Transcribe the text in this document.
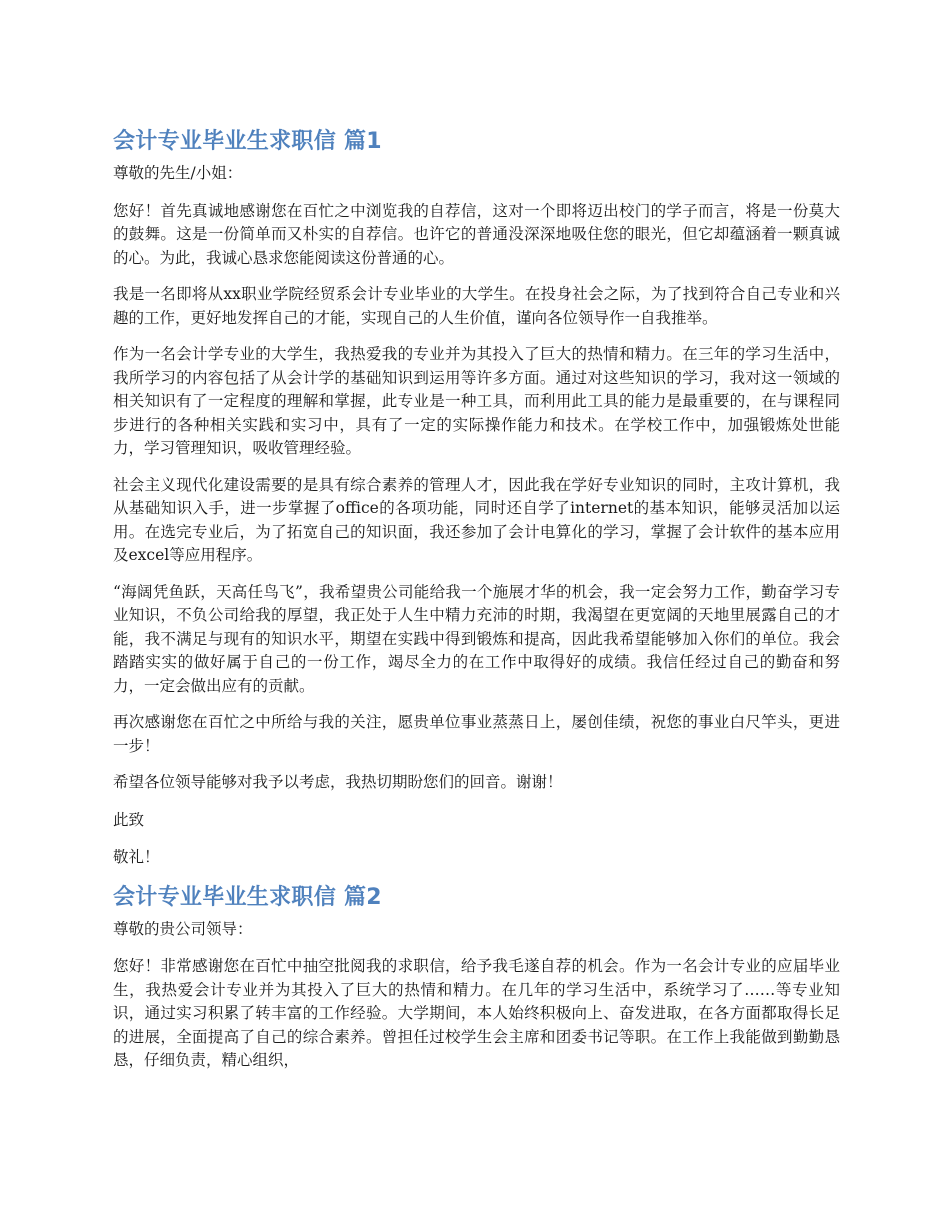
会计专业毕业生求职信 篇1

尊敬的先生/小姐：

您好！首先真诚地感谢您在百忙之中浏览我的自荐信，这对一个即将迈出校门的学子而言，将是一份莫大的鼓舞。这是一份简单而又朴实的自荐信。也许它的普通没深深地吸住您的眼光，但它却蕴涵着一颗真诚的心。为此，我诚心恳求您能阅读这份普通的心。

我是一名即将从xx职业学院经贸系会计专业毕业的大学生。在投身社会之际，为了找到符合自己专业和兴趣的工作，更好地发挥自己的才能，实现自己的人生价值，谨向各位领导作一自我推举。

作为一名会计学专业的大学生，我热爱我的专业并为其投入了巨大的热情和精力。在三年的学习生活中，我所学习的内容包括了从会计学的基础知识到运用等许多方面。通过对这些知识的学习，我对这一领域的相关知识有了一定程度的理解和掌握，此专业是一种工具，而利用此工具的能力是最重要的，在与课程同步进行的各种相关实践和实习中，具有了一定的实际操作能力和技术。在学校工作中，加强锻炼处世能力，学习管理知识，吸收管理经验。

社会主义现代化建设需要的是具有综合素养的管理人才，因此我在学好专业知识的同时，主攻计算机，我从基础知识入手，进一步掌握了office的各项功能，同时还自学了internet的基本知识，能够灵活加以运用。在选完专业后，为了拓宽自己的知识面，我还参加了会计电算化的学习，掌握了会计软件的基本应用及excel等应用程序。

“海阔凭鱼跃，天高任鸟飞”，我希望贵公司能给我一个施展才华的机会，我一定会努力工作，勤奋学习专业知识，不负公司给我的厚望，我正处于人生中精力充沛的时期，我渴望在更宽阔的天地里展露自己的才能，我不满足与现有的知识水平，期望在实践中得到锻炼和提高，因此我希望能够加入你们的单位。我会踏踏实实的做好属于自己的一份工作，竭尽全力的在工作中取得好的成绩。我信任经过自己的勤奋和努力，一定会做出应有的贡献。

再次感谢您在百忙之中所给与我的关注，愿贵单位事业蒸蒸日上，屡创佳绩，祝您的事业白尺竿头，更进一步！

希望各位领导能够对我予以考虑，我热切期盼您们的回音。谢谢！

此致

敬礼！

会计专业毕业生求职信 篇2

尊敬的贵公司领导：

您好！非常感谢您在百忙中抽空批阅我的求职信，给予我毛遂自荐的机会。作为一名会计专业的应届毕业生，我热爱会计专业并为其投入了巨大的热情和精力。在几年的学习生活中，系统学习了……等专业知识，通过实习积累了转丰富的工作经验。大学期间，本人始终积极向上、奋发进取，在各方面都取得长足的进展，全面提高了自己的综合素养。曾担任过校学生会主席和团委书记等职。在工作上我能做到勤勤恳恳，仔细负责，精心组织，
